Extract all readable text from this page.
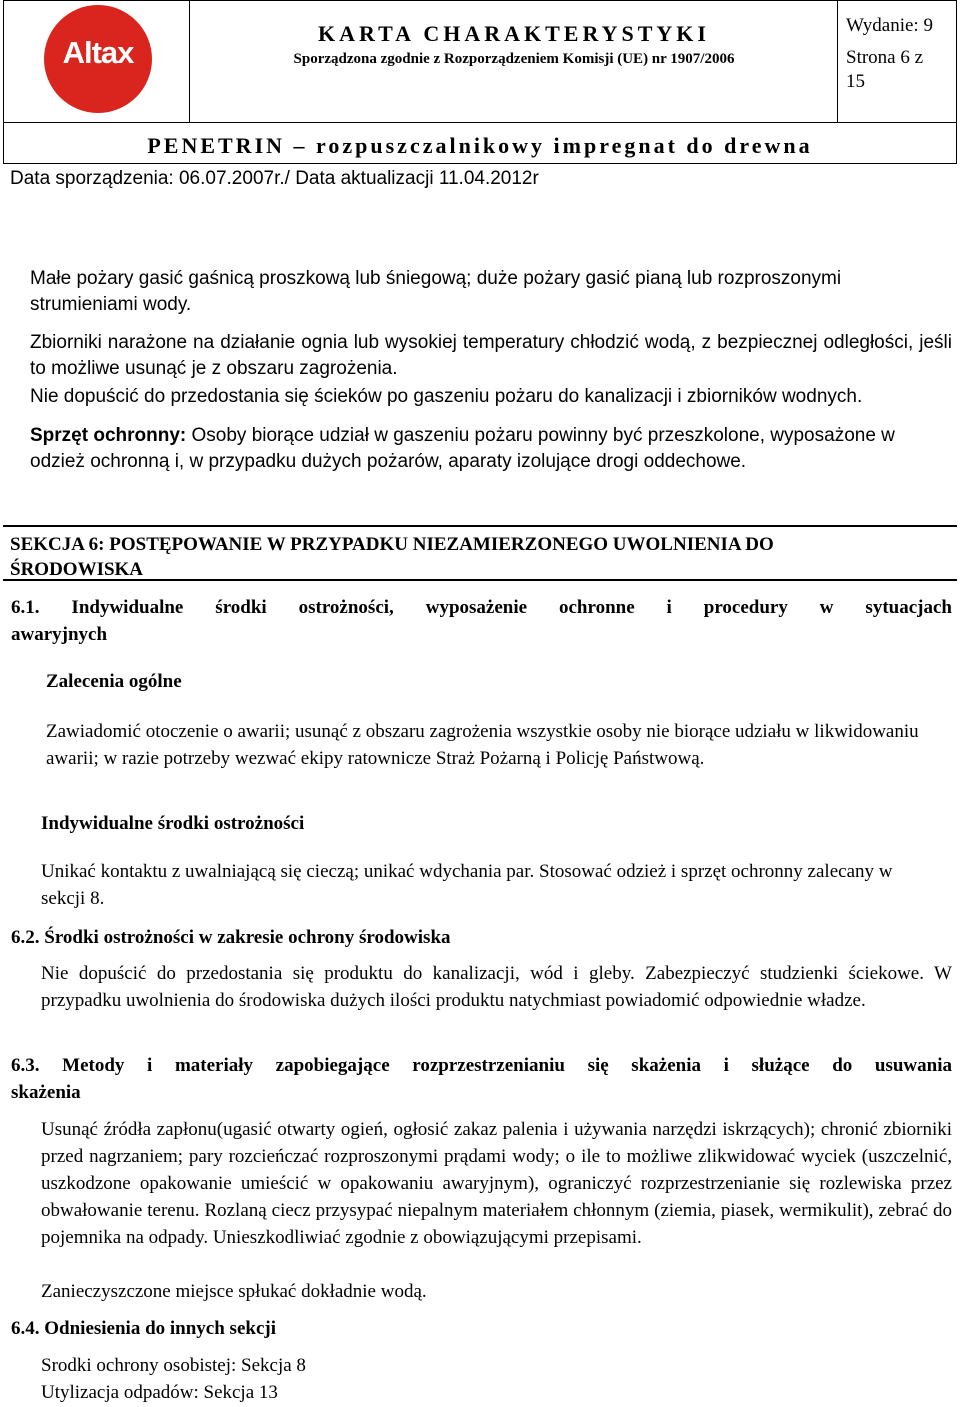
Altax
KARTA CHARAKTERYSTYKI
Sporządzona zgodnie z Rozporządzeniem Komisji (UE) nr 1907/2006
Wydanie: 9
Strona 6 z
15
PENETRIN – rozpuszczalnikowy impregnat do drewna
Data sporządzenia: 06.07.2007r./ Data aktualizacji 11.04.2012r

Małe pożary gasić gaśnicą proszkową lub śniegową; duże pożary gasić pianą lub rozproszonymi strumieniami wody.

Zbiorniki narażone na działanie ognia lub wysokiej temperatury chłodzić wodą, z bezpiecznej odległości, jeśli to możliwe usunąć je z obszaru zagrożenia.

Nie dopuścić do przedostania się ścieków po gaszeniu pożaru do kanalizacji i zbiorników wodnych.

Sprzęt ochronny: Osoby biorące udział w gaszeniu pożaru powinny być przeszkolone, wyposażone w odzież ochronną i, w przypadku dużych pożarów, aparaty izolujące drogi oddechowe.

SEKCJA 6: POSTĘPOWANIE W PRZYPADKU NIEZAMIERZONEGO UWOLNIENIA DO ŚRODOWISKA
6.1. Indywidualne środki ostrożności, wyposażenie ochronne i procedury w sytuacjach
awaryjnych
Zalecenia ogólne

Zawiadomić otoczenie o awarii; usunąć z obszaru zagrożenia wszystkie osoby nie biorące udziału w likwidowaniu awarii; w razie potrzeby wezwać ekipy ratownicze Straż Pożarną i Policję Państwową.

Indywidualne środki ostrożności

Unikać kontaktu z uwalniającą się cieczą; unikać wdychania par. Stosować odzież i sprzęt ochronny zalecany w sekcji 8.

6.2. Środki ostrożności w zakresie ochrony środowiska

Nie dopuścić do przedostania się produktu do kanalizacji, wód i gleby. Zabezpieczyć studzienki ściekowe. W przypadku uwolnienia do środowiska dużych ilości produktu natychmiast powiadomić odpowiednie władze.

6.3. Metody i materiały zapobiegające rozprzestrzenianiu się skażenia i służące do usuwania
skażenia

Usunąć źródła zapłonu(ugasić otwarty ogień, ogłosić zakaz palenia i używania narzędzi iskrzących); chronić zbiorniki przed nagrzaniem; pary rozcieńczać rozproszonymi prądami wody; o ile to możliwe zlikwidować wyciek (uszczelnić, uszkodzone opakowanie umieścić w opakowaniu awaryjnym), ograniczyć rozprzestrzenianie się rozlewiska przez obwałowanie terenu. Rozlaną ciecz przysypać niepalnym materiałem chłonnym (ziemia, piasek, wermikulit), zebrać do pojemnika na odpady. Unieszkodliwiać zgodnie z obowiązującymi przepisami.

Zanieczyszczone miejsce spłukać dokładnie wodą.

6.4. Odniesienia do innych sekcji
Srodki ochrony osobistej: Sekcja 8
Utylizacja odpadów: Sekcja 13
